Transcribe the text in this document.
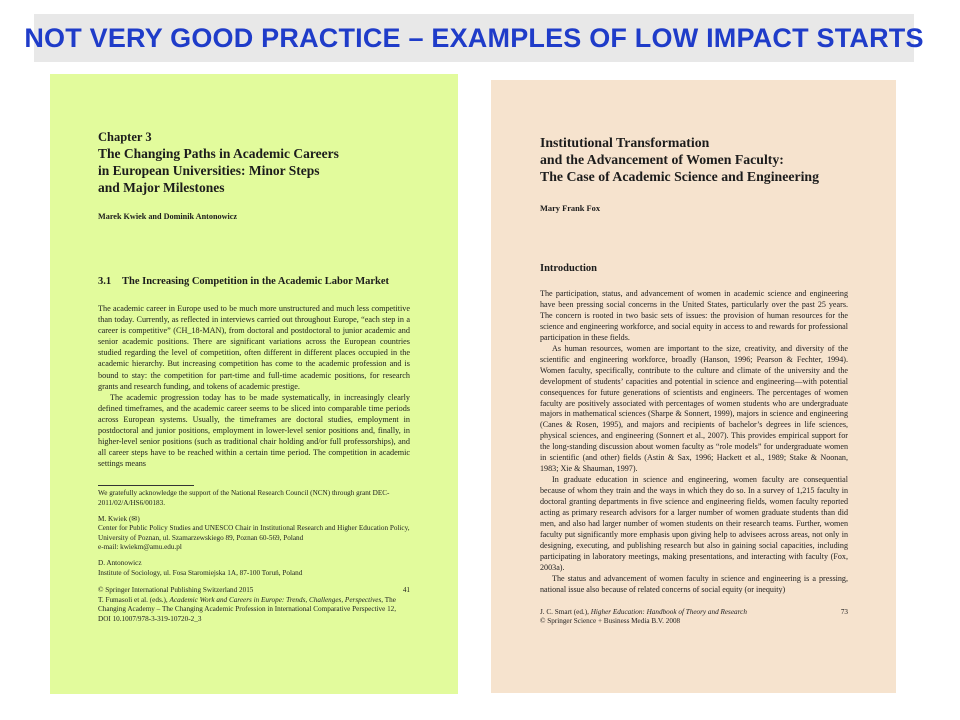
NOT VERY GOOD PRACTICE – EXAMPLES OF LOW IMPACT STARTS
Chapter 3
The Changing Paths in Academic Careers
in European Universities: Minor Steps
and Major Milestones
Marek Kwiek and Dominik Antonowicz
3.1	The Increasing Competition in the Academic Labor Market

The academic career in Europe used to be much more unstructured and much less competitive than today. Currently, as reflected in interviews carried out throughout Europe, “each step in a career is competitive” (CH_18-MAN), from doctoral and postdoctoral to junior academic and senior academic positions. There are significant variations across the European countries studied regarding the level of competition, often different in different places occupied in the academic hierarchy. But increasing competition has come to the academic profession and is bound to stay: the competition for part-time and full-time academic positions, for research grants and research funding, and tokens of academic prestige.

The academic progression today has to be made systematically, in increasingly clearly defined timeframes, and the academic career seems to be sliced into comparable time periods across European systems. Usually, the timeframes are doctoral studies, employment in postdoctoral and junior positions, employment in lower-level senior positions and, finally, in higher-level senior positions (such as traditional chair holding and/or full professorships), and all career steps have to be reached within a certain time period. The competition in academic settings means

We gratefully acknowledge the support of the National Research Council (NCN) through grant DEC-2011/02/A/HS6/00183.

M. Kwiek (✉)

Center for Public Policy Studies and UNESCO Chair in Institutional Research and Higher Education Policy, University of Poznan, ul. Szamarzewskiego 89, Poznan 60-569, Poland

e-mail: kwiekm@amu.edu.pl

D. Antonowicz

Institute of Sociology, ul. Fosa Staromiejska 1A, 87-100 Toruń, Poland

© Springer International Publishing Switzerland 2015	41

T. Fumasoli et al. (eds.), Academic Work and Careers in Europe: Trends, Challenges, Perspectives, The Changing Academy – The Changing Academic Profession in International Comparative Perspective 12, DOI 10.1007/978-3-319-10720-2_3

Institutional Transformation
and the Advancement of Women Faculty:
The Case of Academic Science and Engineering
Mary Frank Fox
Introduction

The participation, status, and advancement of women in academic science and engineering have been pressing social concerns in the United States, particularly over the past 25 years. The concern is rooted in two basic sets of issues: the provision of human resources for the science and engineering workforce, and social equity in access to and rewards for professional participation in these fields.

As human resources, women are important to the size, creativity, and diversity of the scientific and engineering workforce, broadly (Hanson, 1996; Pearson & Fechter, 1994). Women faculty, specifically, contribute to the culture and climate of the university and the development of students’ capacities and potential in science and engineering—with potential consequences for future generations of scientists and engineers. The percentages of women faculty are positively associated with percentages of women students who are undergraduate majors in mathematical sciences (Sharpe & Sonnert, 1999), majors in science and engineering (Canes & Rosen, 1995), and majors and recipients of bachelor’s degrees in life sciences, physical sciences, and engineering (Sonnert et al., 2007). This provides empirical support for the long-standing discussion about women faculty as “role models” for undergraduate women in scientific (and other) fields (Astin & Sax, 1996; Hackett et al., 1989; Stake & Noonan, 1983; Xie & Shauman, 1997).

In graduate education in science and engineering, women faculty are consequential because of whom they train and the ways in which they do so. In a survey of 1,215 faculty in doctoral granting departments in five science and engineering fields, women faculty reported acting as primary research advisors for a larger number of women graduate students than did men, and also had larger number of women students on their research teams. Further, women faculty put significantly more emphasis upon giving help to advisees across areas, not only in designing, executing, and publishing research but also in gaining social capacities, including participating in laboratory meetings, making presentations, and interacting with faculty (Fox, 2003a).

The status and advancement of women faculty in science and engineering is a pressing, national issue also because of related concerns of social equity (or inequity)

J. C. Smart (ed.), Higher Education: Handbook of Theory and Research	73

© Springer Science + Business Media B.V. 2008
